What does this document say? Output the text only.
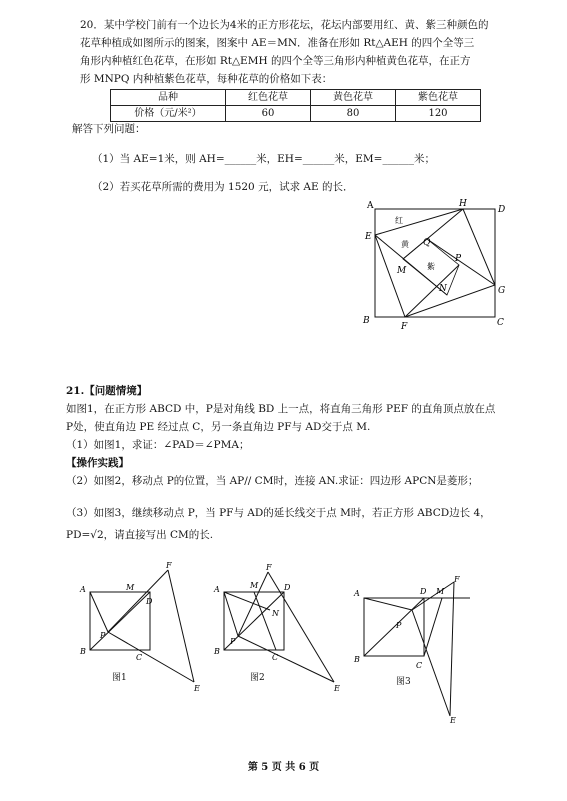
20．某中学校门前有一个边长为4米的正方形花坛，花坛内部要用红、黄、紫三种颜色的
花草种植成如图所示的图案，图案中 AE＝MN．准备在形如 Rt△AEH 的四个全等三
角形内种植红色花草，在形如 Rt△EMH 的四个全等三角形内种植黄色花草，在正方
形 MNPQ 内种植紫色花草，每种花草的价格如下表：
品种	红色花草	黄色花草	紫色花草
价格（元/米²）	60	80	120
解答下列问题：
（1）当 AE=1米，则 AH=______米，EH=______米，EM=______米；
（2）若买花草所需的费用为 1520 元，试求 AE 的长．
A	H
D
E
Q
P
M
N	G
B
F	C
红
黄
紫
21.【问题情境】
如图1，在正方形 ABCD 中，P是对角线 BD 上一点，将直角三角形 PEF 的直角顶点放在点
P处，使直角边 PE 经过点 C，另一条直角边 PF与 AD交于点 M.
（1）如图1，求证：∠PAD＝∠PMA；
【操作实践】
（2）如图2，移动点 P的位置，当 AP// CM时，连接 AN.求证：四边形 APCN是菱形；
（3）如图3，继续移动点 P，当 PF与 AD的延长线交于点 M时，若正方形 ABCD边长 4，
PD=√2，请直接写出 CM的长.
A	M
F
D
P
B
C
E
图1
A	M
F
D
N
P
B
C
E
图2
A	D M
F
P
B
C
E
图3
第 5 页 共 6 页
